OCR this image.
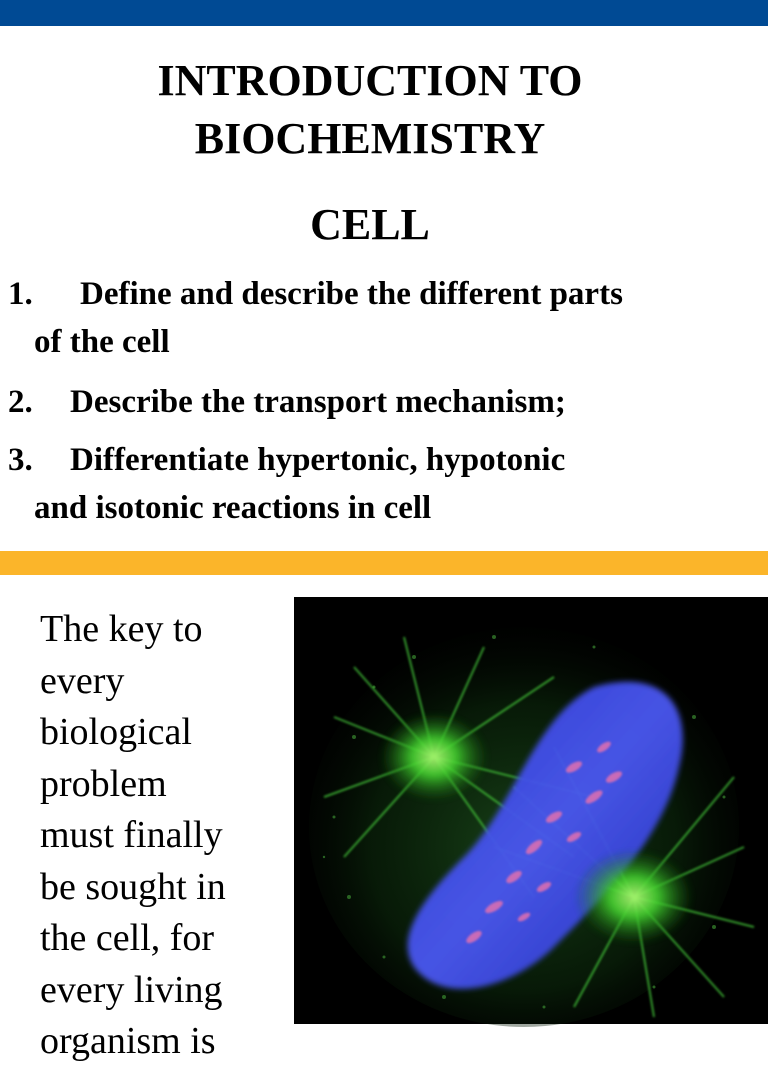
INTRODUCTION TO
BIOCHEMISTRY
CELL
1. Define and describe the different parts
of the cell
2. Describe the transport mechanism;
3. Differentiate hypertonic, hypotonic
and isotonic reactions in cell
The key to
every
biological
problem
must finally
be sought in
the cell, for
every living
organism is
